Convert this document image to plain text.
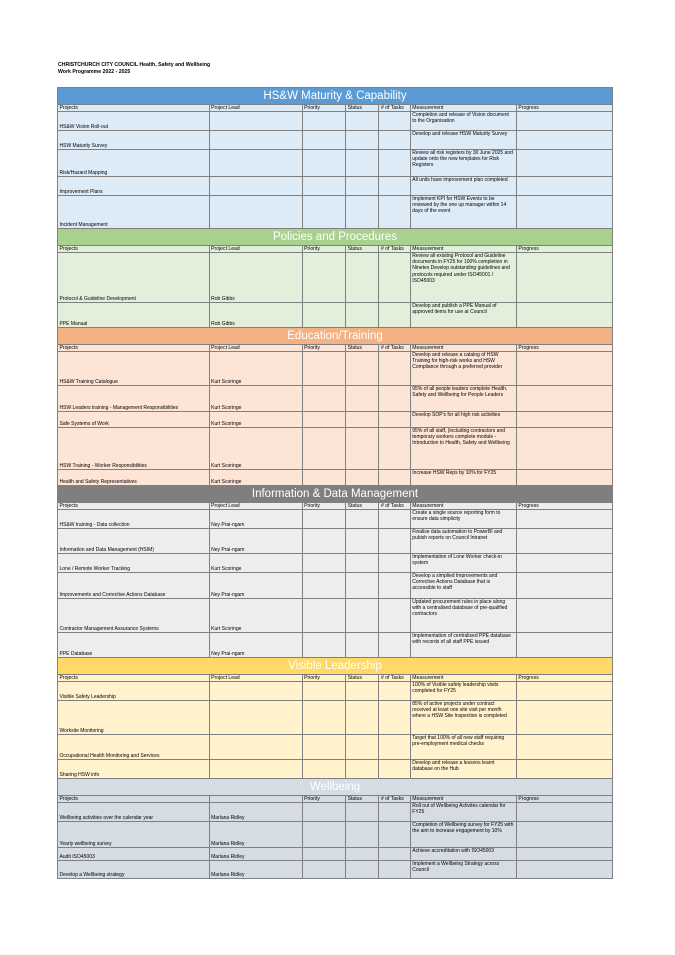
CHRISTCHURCH CITY COUNCIL Health, Safety and Wellbeing
Work Programme 2022 - 2025
HS&W Maturity & Capability						
Projects	Project Lead	Priority	Status	# of Tasks	Measurement	Progress
HS&W Vision Roll-out					Completion and release of Vision document to the Organisation	
HSW Maturity Survey					Develop and release HSW Maturity Survey	
Risk/Hazard Mapping					Review all risk registers by 30 June 2025 and update onto the new templates for Risk Registers	
Improvement Plans					All units have improvement plan completed	
Incident Management					Implement KPI for HSW Events to be reviewed by the one up manager within 14 days of the event	
Policies and Procedures						
Projects	Project Lead	Priority	Status	# of Tasks	Measurement	Progress
Protocol & Guideline Development	Rob Gibbs				Review all existing Protocol and Guideline documents in FY25 for 100% completion in Ninetex Develop outstanding guidelines and protocols required under ISO45001 / ISO45003	
PPE Manual	Rob Gibbs				Develop and publish a PPE Manual of approved items for use at Council	
Education/Training						
Projects	Project Lead	Priority	Status	# of Tasks	Measurement	Progress
HS&W Training Catalogue	Kurt Scoringe				Develop and release a catalog of HSW Training for high-risk works and HSW Compliance through a preferred provider	
HSW Leaders training - Management Responsibilities	Kurt Scoringe				95% of all people leaders complete Health, Safety and Wellbeing for People Leaders	
Safe Systems of Work	Kurt Scoringe				Develop SOP's for all high risk activities	
HSW Training - Worker Responsibilities	Kurt Scoringe				95% of all staff, (including contractors and temporary workers complete module - Introduction to Health, Safety and Wellbeing	
Health and Safety Representatives	Kurt Scoringe				Increase HSW Reps by 10% for FY25	
Information & Data Management						
Projects	Project Lead	Priority	Status	# of Tasks	Measurement	Progress
HS&W training - Data collection	Ney Prai-ngam				Create a single source reporting form to ensure data simplicity	
Information and Data Management (HSIM)	Ney Prai-ngam				Finalise data automation to PowerBI and pubish reports on Council Intranet	
Lone / Remote Worker Tracking	Kurt Scoringe				Implementation of Lone Worker check-in system	
Improvements and Corrective Actions Database	Ney Prai-ngam				Develop a simplied Improvements and Corrective Actions Database that is accessible to staff	
Contractor Management Assurance Systems	Kurt Scoringe				Updated procurement rules in place along with a centralised database of pre-qualified contractors	
PPE Database	Ney Prai-ngam				Implementation of centralised PPE database with records of all staff PPE issued	
Visible Leadership						
Projects	Project Lead	Priority	Status	# of Tasks	Measurement	Progress
Visible Safety Leadership					100% of Visible safety leadership visits completed for FY25	
Worksite Monitoring					85% of active projects under contract received at least one site visit per month where a HSW Site Inspection is completed	
Occupational Health Monitoring and Services					Target that 100% of all new staff requiring pre-employment medical checks	
Sharing HSW info					Develop and release a lessons learnt database on the Hub	
Wellbeing						
Projects		Priority	Status	# of Tasks	Measurement	Progress
Wellbeing activities over the calendar year	Marlana Ridley				Roll out of Wellbeing Activites calendar for FY25	
Yearly wellbeing survey	Marlana Ridley				Completion of Wellbeing survey for FY25 with the aim to increase engagement by 10%	
Audit ISO45003	Marlana Ridley				Achieve accreditation with ISO45003	
Develop a Wellbeing strategy	Marlana Ridley				Implement a Wellbeing Strategy across Council	
